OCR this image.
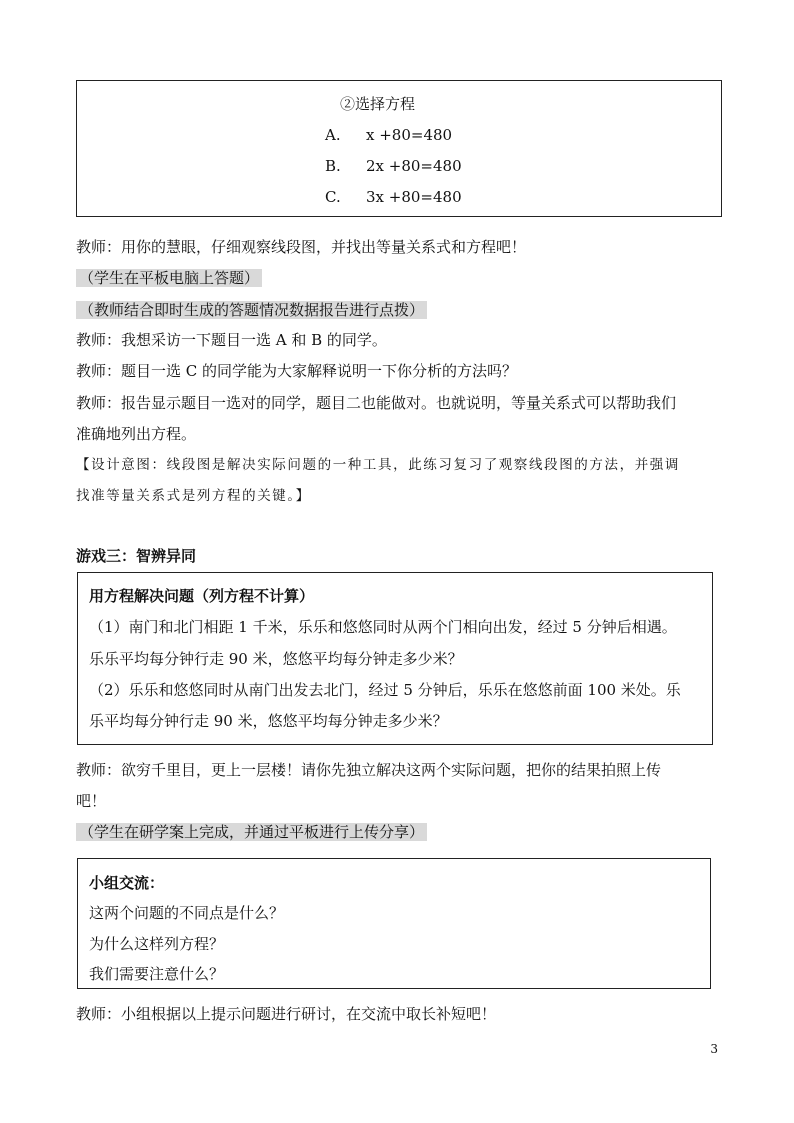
②选择方程
A. x +80=480
B. 2x +80=480
C. 3x +80=480
教师：用你的慧眼，仔细观察线段图，并找出等量关系式和方程吧！
（学生在平板电脑上答题）
（教师结合即时生成的答题情况数据报告进行点拨）
教师：我想采访一下题目一选 A 和 B 的同学。
教师：题目一选 C 的同学能为大家解释说明一下你分析的方法吗？
教师：报告显示题目一选对的同学，题目二也能做对。也就说明，等量关系式可以帮助我们
准确地列出方程。
【设计意图：线段图是解决实际问题的一种工具，此练习复习了观察线段图的方法，并强调
找准等量关系式是列方程的关键。】
游戏三：智辨异同
用方程解决问题（列方程不计算）
（1）南门和北门相距 1 千米，乐乐和悠悠同时从两个门相向出发，经过 5 分钟后相遇。
乐乐平均每分钟行走 90 米，悠悠平均每分钟走多少米？
（2）乐乐和悠悠同时从南门出发去北门，经过 5 分钟后，乐乐在悠悠前面 100 米处。乐
乐平均每分钟行走 90 米，悠悠平均每分钟走多少米？
教师：欲穷千里目，更上一层楼！请你先独立解决这两个实际问题，把你的结果拍照上传
吧！
（学生在研学案上完成，并通过平板进行上传分享）
小组交流：
这两个问题的不同点是什么？
为什么这样列方程？
我们需要注意什么？
教师：小组根据以上提示问题进行研讨，在交流中取长补短吧！
3
